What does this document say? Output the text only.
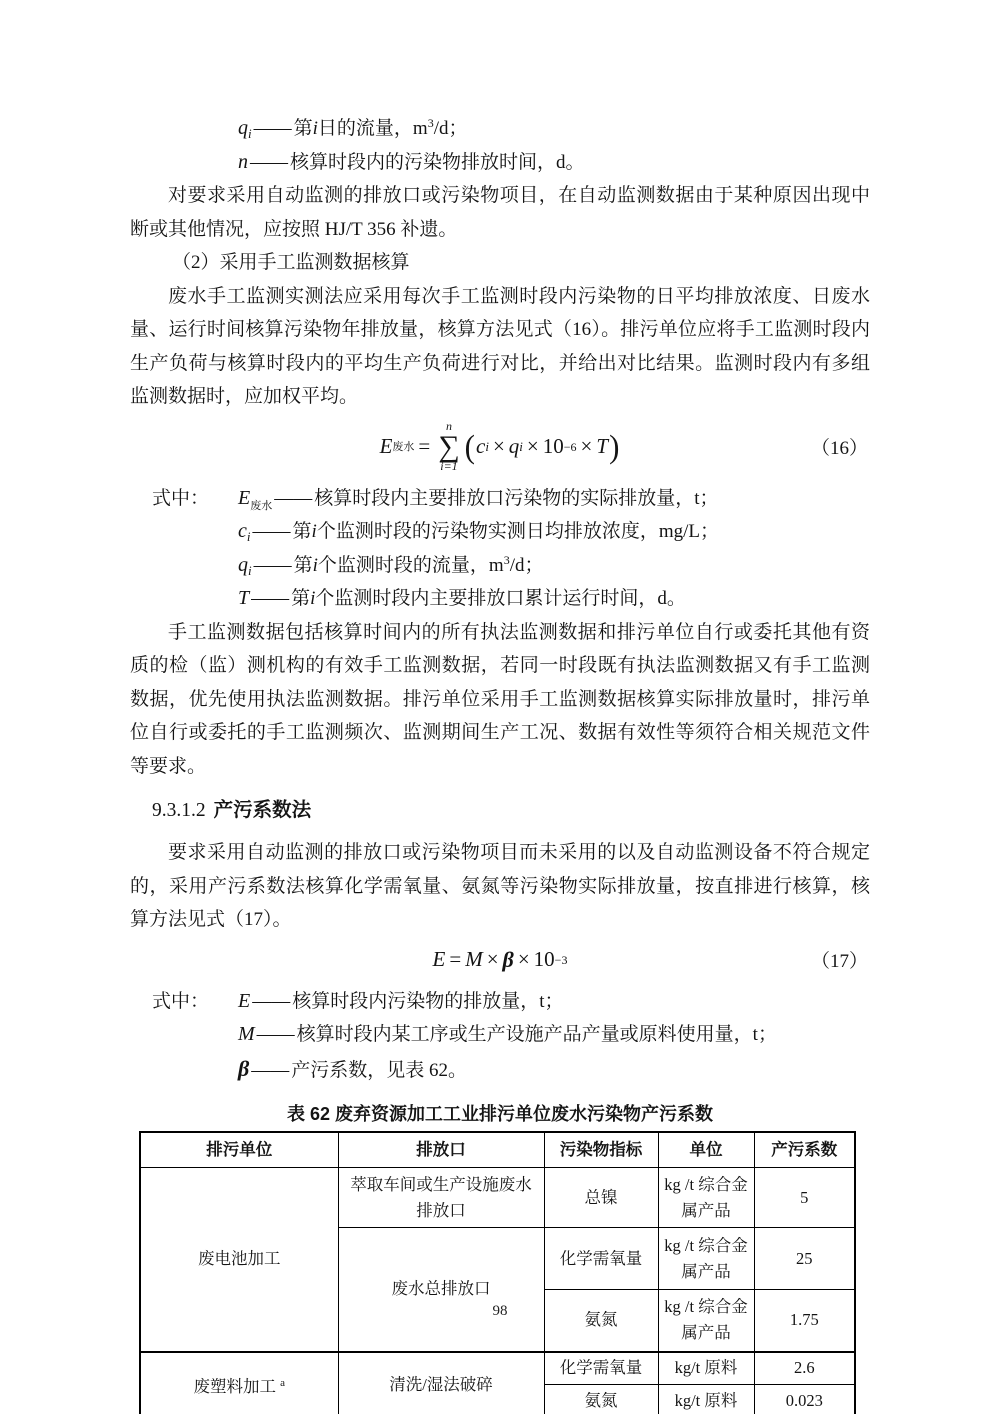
$q_i$ —— 第i日的流量，$m^3/d$；

n —— 核算时段内的污染物排放时间，d。

对要求采用自动监测的排放口或污染物项目，在自动监测数据由于某种原因出现中断或其他情况，应按照 HJ/T 356 补遗。

（2）采用手工监测数据核算

废水手工监测实测法应采用每次手工监测时段内污染物的日平均排放浓度、日废水量、运行时间核算污染物年排放量，核算方法见式（16）。排污单位应将手工监测时段内生产负荷与核算时段内的平均生产负荷进行对比，并给出对比结果。监测时段内有多组监测数据时，应加权平均。

E 废水 =
n
∑
i=1
( c i × q i × 10 −6 × T )	（16）

式中： $E_{废水}$ —— 核算时段内主要排放口污染物的实际排放量，t；

$c_i$ —— 第i个监测时段的污染物实测日均排放浓度，mg/L；

$q_i$ —— 第i个监测时段的流量，$m^3/d$；

T —— 第i个监测时段内主要排放口累计运行时间，d。

手工监测数据包括核算时间内的所有执法监测数据和排污单位自行或委托其他有资质的检（监）测机构的有效手工监测数据，若同一时段既有执法监测数据又有手工监测数据，优先使用执法监测数据。排污单位采用手工监测数据核算实际排放量时，排污单位自行或委托的手工监测频次、监测期间生产工况、数据有效性等须符合相关规范文件等要求。

9.3.1.2 产污系数法

要求采用自动监测的排放口或污染物项目而未采用的以及自动监测设备不符合规定的，采用产污系数法核算化学需氧量、氨氮等污染物实际排放量，按直排进行核算，核算方法见式（17）。

E = M × β × 10 −3	（17）

式中： E —— 核算时段内污染物的排放量，t；

M —— 核算时段内某工序或生产设施产品产量或原料使用量，t；

β —— 产污系数，见表 62。

表 62 废弃资源加工工业排污单位废水污染物产污系数
排污单位	排放口	污染物指标	单位	产污系数
废电池加工	萃取车间或生产设施废水排放口	总镍	kg /t 综合金属产品	5
	废水总排放口	化学需氧量	kg /t 综合金属产品	25
		氨氮	kg /t 综合金属产品	1.75
废塑料加工 $^a$	清洗/湿法破碎	化学需氧量	kg/t 原料	2.6
		氨氮	kg/t 原料	0.023
98
